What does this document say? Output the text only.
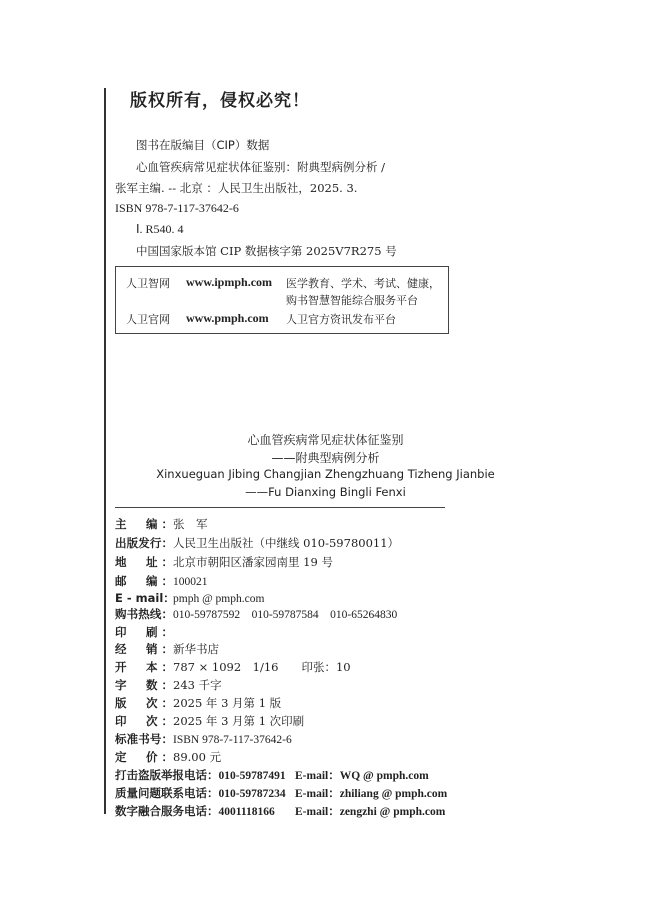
版权所有，侵权必究！
图书在版编目（CIP）数据
心血管疾病常见症状体征鉴别：附典型病例分析 /
张军主编. -- 北京 ：人民卫生出版社，2025. 3.
ISBN 978-7-117-37642-6
Ⅰ. R540. 4
中国国家版本馆 CIP 数据核字第 2025V7R275 号
人卫智网 www.ipmph.com 医学教育、学术、考试、健康，
购书智慧智能综合服务平台
人卫官网 www.pmph.com 人卫官方资讯发布平台
心血管疾病常见症状体征鉴别
——附典型病例分析
Xinxueguan Jibing Changjian Zhengzhuang Tizheng Jianbie
——Fu Dianxing Bingli Fenxi
主　编：张　军
出版发行：人民卫生出版社（中继线 010-59780011）
地　址：北京市朝阳区潘家园南里 19 号
邮　编：100021
E - mail：pmph @ pmph.com
购书热线：010-59787592　010-59787584　010-65264830
印　刷：
经　销：新华书店
开　本：787 × 1092　1/16　　印张：10
字　数：243 千字
版　次：2025 年 3 月第 1 版
印　次：2025 年 3 月第 1 次印刷
标准书号：ISBN 978-7-117-37642-6
定　价：89.00 元
打击盗版举报电话：010-59787491 E-mail：WQ @ pmph.com
质量问题联系电话：010-59787234 E-mail：zhiliang @ pmph.com
数字融合服务电话：4001118166 E-mail：zengzhi @ pmph.com
